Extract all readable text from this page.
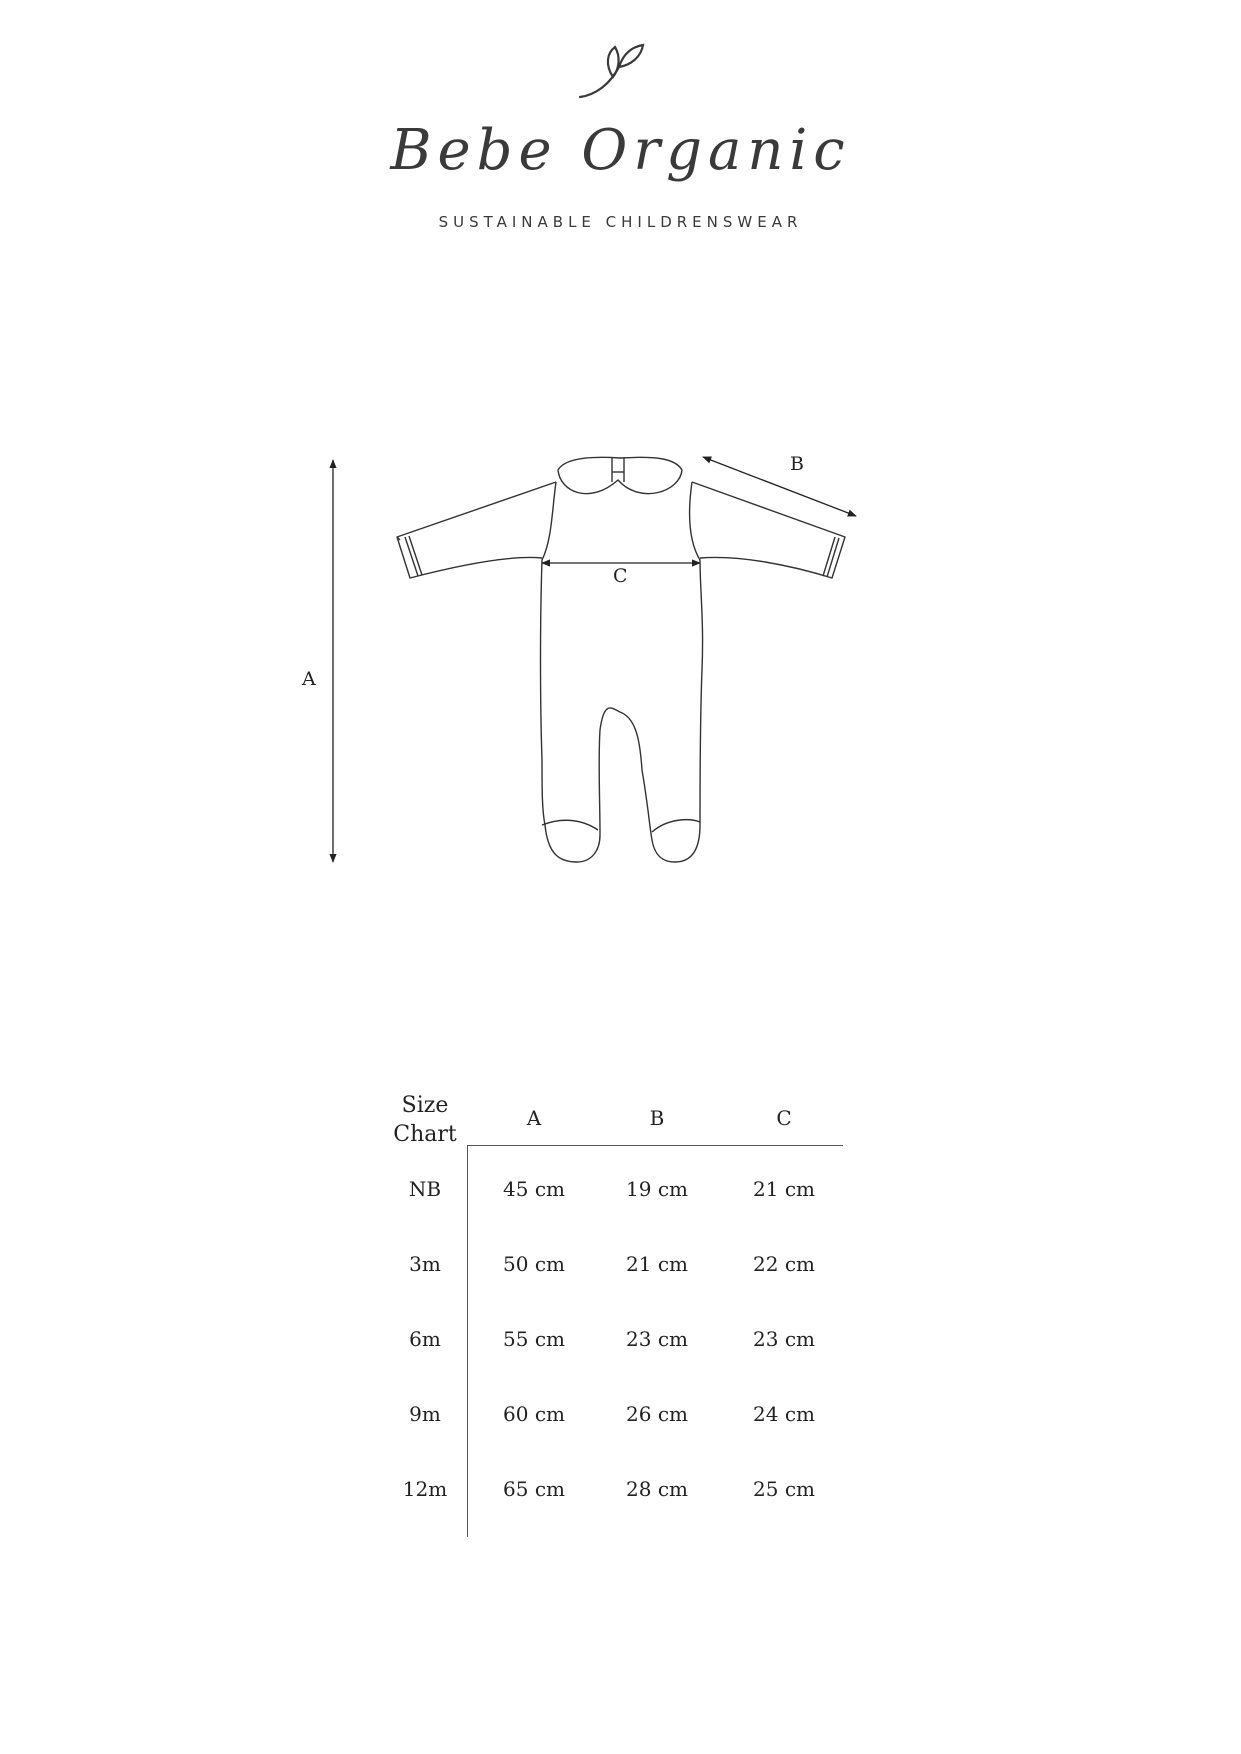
Bebe Organic
SUSTAINABLE CHILDRENSWEAR
A
B
C
Size
Chart
A	B	C
NB	45 cm	19 cm	21 cm
3m	50 cm	21 cm	22 cm
6m	55 cm	23 cm	23 cm
9m	60 cm	26 cm	24 cm
12m	65 cm	28 cm	25 cm
